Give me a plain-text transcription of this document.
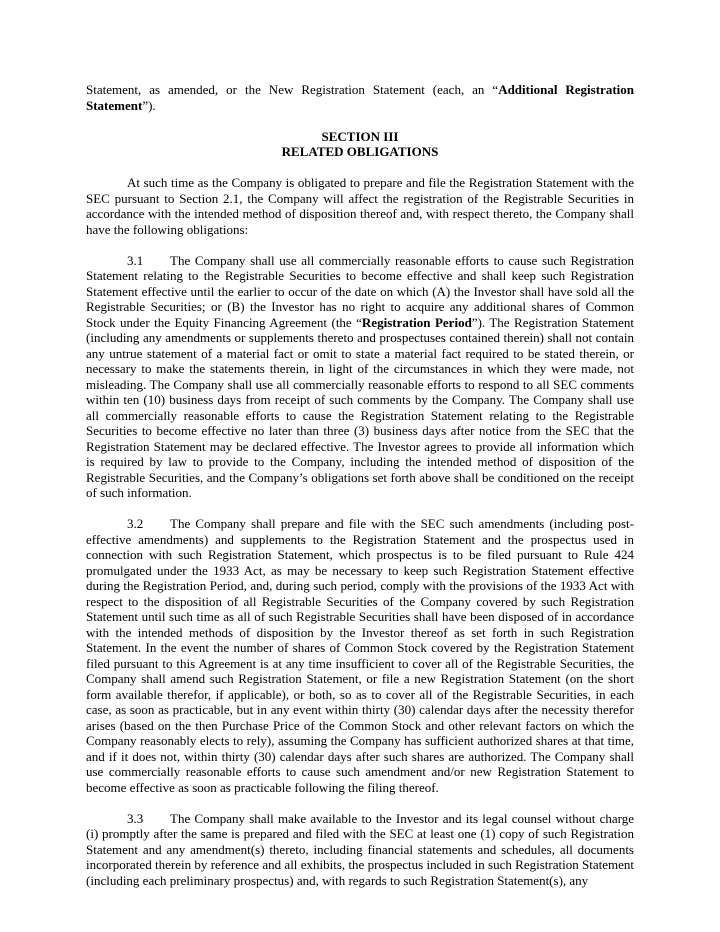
Statement, as amended, or the New Registration Statement (each, an “Additional Registration Statement”).

SECTION III
RELATED OBLIGATIONS

At such time as the Company is obligated to prepare and file the Registration Statement with the SEC pursuant to Section 2.1, the Company will affect the registration of the Registrable Securities in accordance with the intended method of disposition thereof and, with respect thereto, the Company shall have the following obligations:

3.1 The Company shall use all commercially reasonable efforts to cause such Registration Statement relating to the Registrable Securities to become effective and shall keep such Registration Statement effective until the earlier to occur of the date on which (A) the Investor shall have sold all the Registrable Securities; or (B) the Investor has no right to acquire any additional shares of Common Stock under the Equity Financing Agreement (the “Registration Period”). The Registration Statement (including any amendments or supplements thereto and prospectuses contained therein) shall not contain any untrue statement of a material fact or omit to state a material fact required to be stated therein, or necessary to make the statements therein, in light of the circumstances in which they were made, not misleading. The Company shall use all commercially reasonable efforts to respond to all SEC comments within ten (10) business days from receipt of such comments by the Company. The Company shall use all commercially reasonable efforts to cause the Registration Statement relating to the Registrable Securities to become effective no later than three (3) business days after notice from the SEC that the Registration Statement may be declared effective. The Investor agrees to provide all information which is required by law to provide to the Company, including the intended method of disposition of the Registrable Securities, and the Company’s obligations set forth above shall be conditioned on the receipt of such information.

3.2 The Company shall prepare and file with the SEC such amendments (including post-effective amendments) and supplements to the Registration Statement and the prospectus used in connection with such Registration Statement, which prospectus is to be filed pursuant to Rule 424 promulgated under the 1933 Act, as may be necessary to keep such Registration Statement effective during the Registration Period, and, during such period, comply with the provisions of the 1933 Act with respect to the disposition of all Registrable Securities of the Company covered by such Registration Statement until such time as all of such Registrable Securities shall have been disposed of in accordance with the intended methods of disposition by the Investor thereof as set forth in such Registration Statement. In the event the number of shares of Common Stock covered by the Registration Statement filed pursuant to this Agreement is at any time insufficient to cover all of the Registrable Securities, the Company shall amend such Registration Statement, or file a new Registration Statement (on the short form available therefor, if applicable), or both, so as to cover all of the Registrable Securities, in each case, as soon as practicable, but in any event within thirty (30) calendar days after the necessity therefor arises (based on the then Purchase Price of the Common Stock and other relevant factors on which the Company reasonably elects to rely), assuming the Company has sufficient authorized shares at that time, and if it does not, within thirty (30) calendar days after such shares are authorized. The Company shall use commercially reasonable efforts to cause such amendment and/or new Registration Statement to become effective as soon as practicable following the filing thereof.

3.3 The Company shall make available to the Investor and its legal counsel without charge (i) promptly after the same is prepared and filed with the SEC at least one (1) copy of such Registration Statement and any amendment(s) thereto, including financial statements and schedules, all documents incorporated therein by reference and all exhibits, the prospectus included in such Registration Statement (including each preliminary prospectus) and, with regards to such Registration Statement(s), any
